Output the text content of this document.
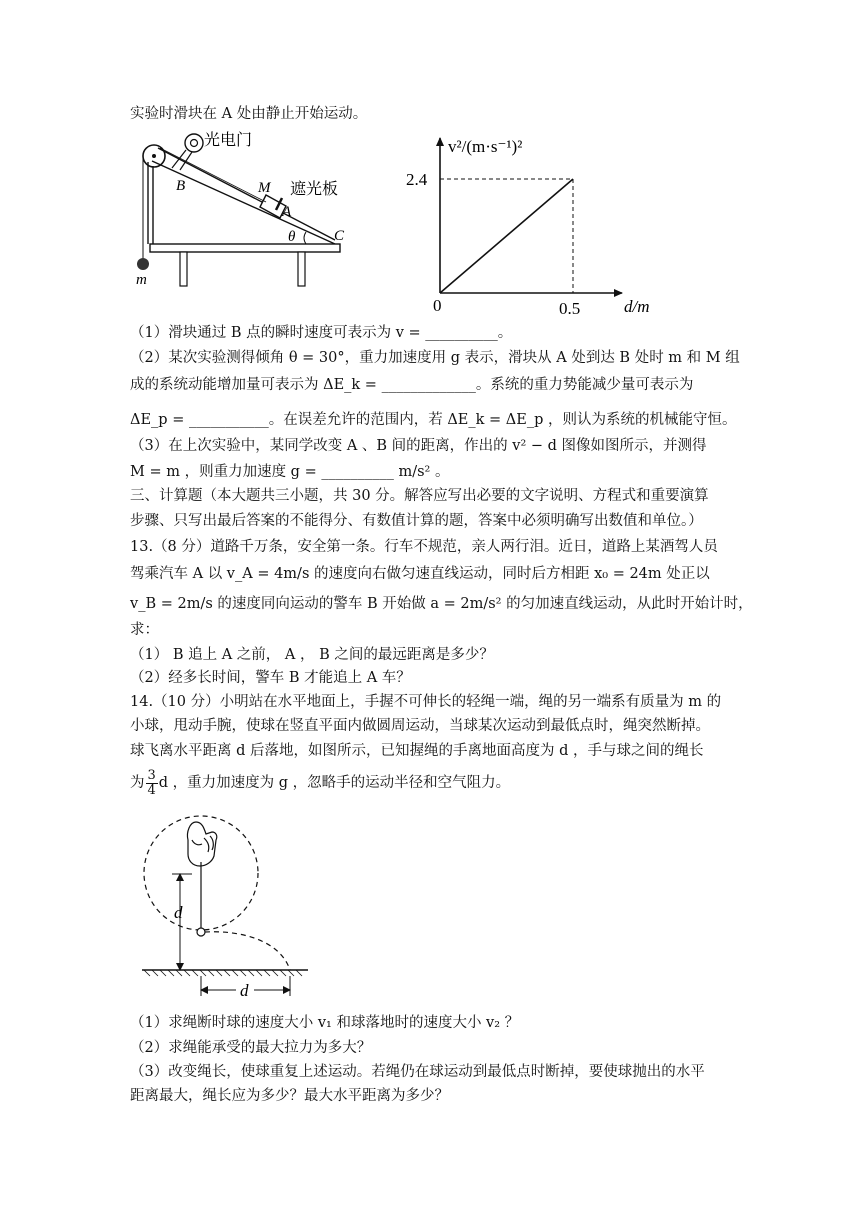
实验时滑块在 A 处由静止开始运动。
光电门
遮光板
B	M
A
θ	C
m
v²/(m·s⁻¹)²
d/m
2.4
0.5
0
（1）滑块通过 B 点的瞬时速度可表示为 v = __________。
（2）某次实验测得倾角 θ = 30°，重力加速度用 g 表示，滑块从 A 处到达 B 处时 m 和 M 组
成的系统动能增加量可表示为 ΔE_k = _____________。系统的重力势能减少量可表示为
ΔE_p = ___________。在误差允许的范围内，若 ΔE_k = ΔE_p ，则认为系统的机械能守恒。
（3）在上次实验中，某同学改变 A 、B 间的距离，作出的 v² − d 图像如图所示，并测得
M = m ，则重力加速度 g = __________ m/s² 。
三、计算题（本大题共三小题，共 30 分。解答应写出必要的文字说明、方程式和重要演算
步骤、只写出最后答案的不能得分、有数值计算的题，答案中必须明确写出数值和单位。）
13.（8 分）道路千万条，安全第一条。行车不规范，亲人两行泪。近日，道路上某酒驾人员
驾乘汽车 A 以 v_A = 4m/s 的速度向右做匀速直线运动，同时后方相距 x₀ = 24m 处正以
v_B = 2m/s 的速度同向运动的警车 B 开始做 a = 2m/s² 的匀加速直线运动，从此时开始计时，
求：
（1） B 追上 A 之前， A ， B 之间的最远距离是多少？
（2）经多长时间，警车 B 才能追上 A 车？
14.（10 分）小明站在水平地面上，手握不可伸长的轻绳一端，绳的另一端系有质量为 m 的
小球，甩动手腕，使球在竖直平面内做圆周运动，当球某次运动到最低点时，绳突然断掉。
球飞离水平距离 d 后落地，如图所示，已知握绳的手离地面高度为 d ，手与球之间的绳长
为 $\frac{3}{4}$ d ，重力加速度为 g ，忽略手的运动半径和空气阻力。
d
d
（1）求绳断时球的速度大小 v₁ 和球落地时的速度大小 v₂ ？
（2）求绳能承受的最大拉力为多大？
（3）改变绳长，使球重复上述运动。若绳仍在球运动到最低点时断掉，要使球抛出的水平
距离最大，绳长应为多少？最大水平距离为多少？
